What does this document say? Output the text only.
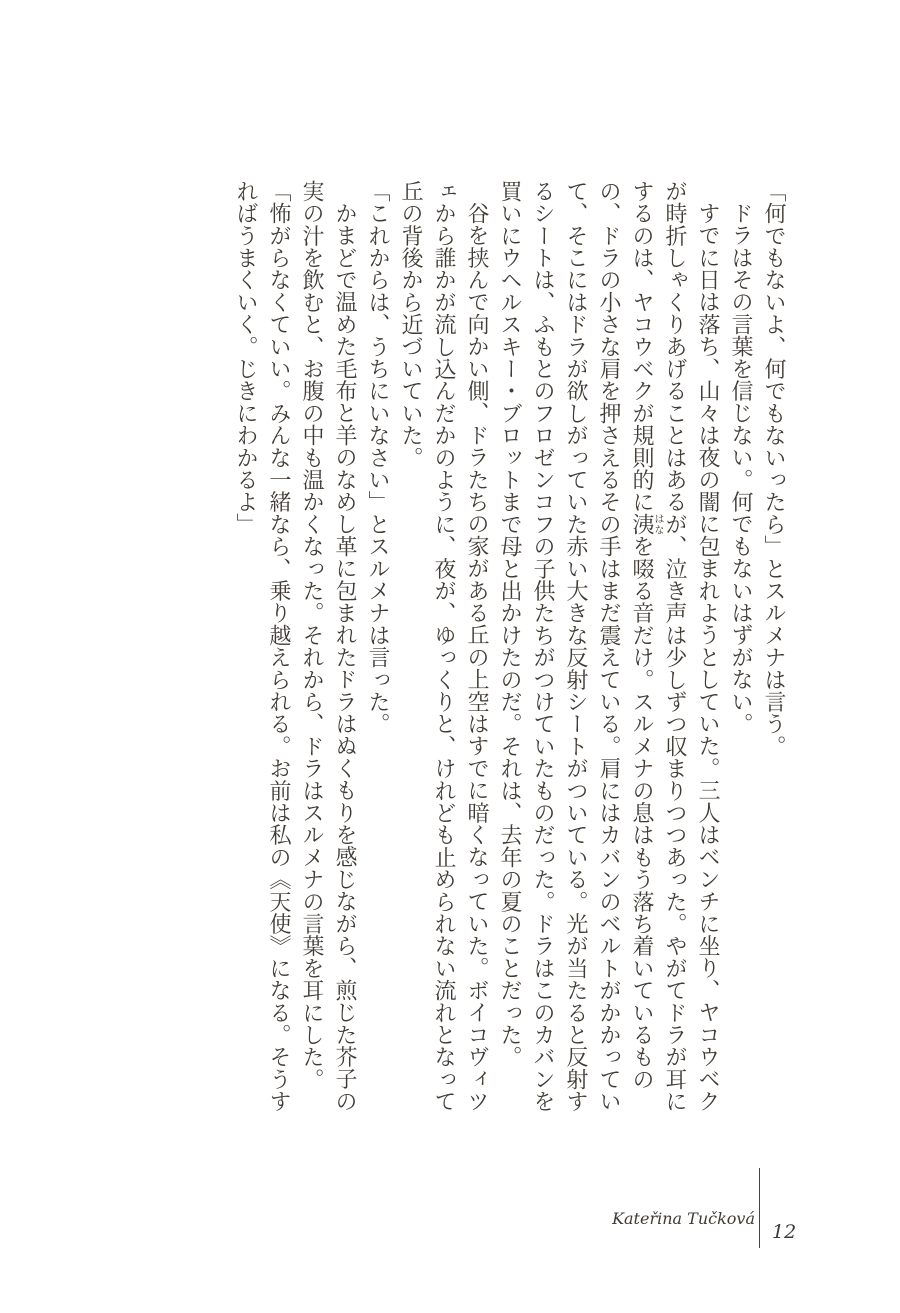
「何でもないよ、何でもないったら」とスルメナは言う。

ドラはその言葉を信じない。何でもないはずがない。

すでに日は落ち、山々は夜の闇に包まれようとしていた。三人はベンチに坐り、ヤコウベクが時折しゃくりあげることはあるが、泣き声は少しずつ収まりつつあった。やがてドラが耳にするのは、ヤコウベクが規則的に洟はなを啜る音だけ。スルメナの息はもう落ち着いているものの、ドラの小さな肩を押さえるその手はまだ震えている。肩にはカバンのベルトがかかっていて、そこにはドラが欲しがっていた赤い大きな反射シートがついている。光が当たると反射するシートは、ふもとのフロゼンコフの子供たちがつけていたものだった。ドラはこのカバンを買いにウヘルスキー・ブロットまで母と出かけたのだ。それは、去年の夏のことだった。

谷を挟んで向かい側、ドラたちの家がある丘の上空はすでに暗くなっていた。ボイコヴィツェから誰かが流し込んだかのように、夜が、ゆっくりと、けれども止められない流れとなって丘の背後から近づいていた。

「これからは、うちにいなさい」とスルメナは言った。

かまどで温めた毛布と羊のなめし革に包まれたドラはぬくもりを感じながら、煎じた芥子の実の汁を飲むと、お腹の中も温かくなった。それから、ドラはスルメナの言葉を耳にした。

「怖がらなくていい。みんな一緒なら、乗り越えられる。お前は私の《天使》になる。そうすればうまくいく。じきにわかるよ」

Kateřina Tučková
12
